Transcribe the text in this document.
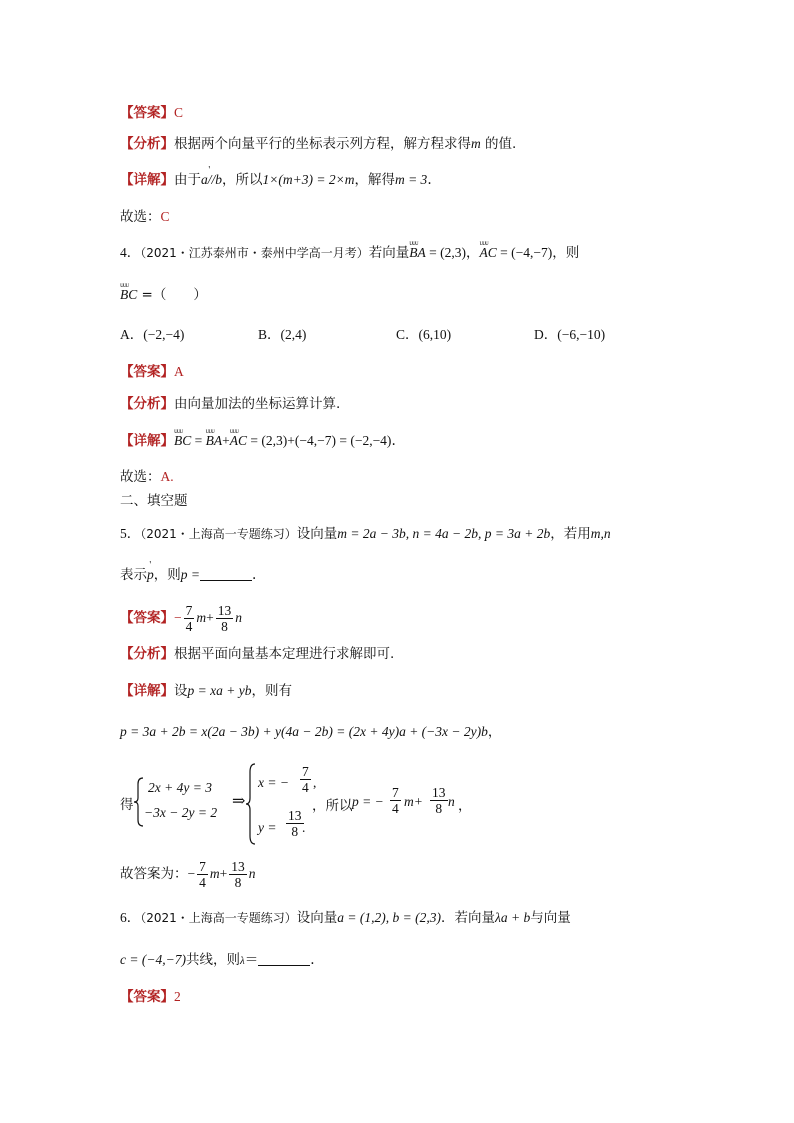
【答案】C
【分析】根据两个向量平行的坐标表示列方程，解方程求得m 的值.
【详解】由于' a//b，所以1×(m+3) = 2×m，解得m = 3.
故选：C
4．（2021・江苏泰州市・泰州中学高一月考）若向量ᴜᴜᴜ BA = (2,3)，ᴜᴜᴜ AC = (−4,−7)，则
ᴜᴜᴜ BC =（　　）
A．(−2,−4)	B．(2,4)	C．(6,10)	D．(−6,−10)
【答案】A
【分析】由向量加法的坐标运算计算.
【详解】ᴜᴜᴜ BC = ᴜᴜᴜ BA+ᴜᴜᴜ AC = (2,3)+(−4,−7) = (−2,−4).
故选：A.
二、填空题
5．（2021・上海高一专题练习）设向量m = 2a − 3b, n = 4a − 2b, p = 3a + 2b，若用m,n
表示' p，则p =	.
【答案】− $\frac{7}{4} m+ \frac{13}{8}$ n
【分析】根据平面向量基本定理进行求解即可.
【详解】设p = xa + yb，则有
p = 3a + 2b = x(2a − 3b) + y(4a − 2b) = (2x + 4y)a + (−3x − 2y)b，
得
2x + 4y = 3
−3x − 2y = 2
⇒
x = − $\frac{7}{4}$ ,
$y = \frac{13}{8}$
.
，所以 p = − $\frac{7}{4} m+ \frac{13}{8}$ n ，
故答案为：− $\frac{7}{4} m+ \frac{13}{8}$ n
6．（2021・上海高一专题练习）设向量a = (1,2), b = (2,3)．若向量λa + b与向量
c = (−4,−7)共线，则λ＝	.
【答案】2
